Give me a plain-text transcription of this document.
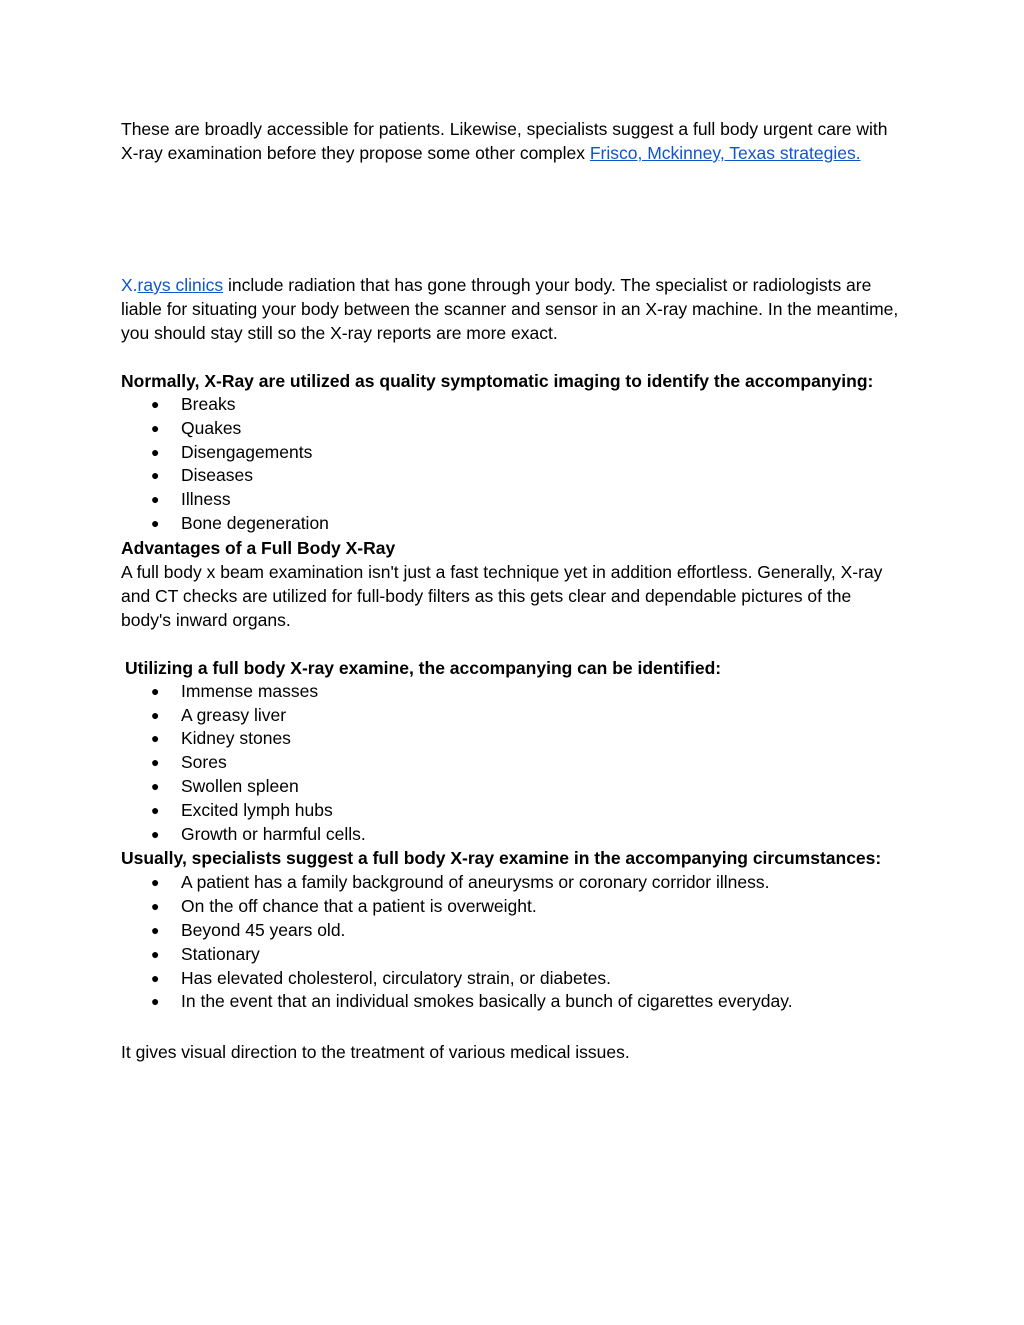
These are broadly accessible for patients. Likewise, specialists suggest a full body urgent care with X-ray examination before they propose some other complex Frisco, Mckinney, Texas strategies.

X.rays clinics include radiation that has gone through your body. The specialist or radiologists are liable for situating your body between the scanner and sensor in an X-ray machine. In the meantime, you should stay still so the X-ray reports are more exact.

Normally, X-Ray are utilized as quality symptomatic imaging to identify the accompanying:

● Breaks
● Quakes
● Disengagements
● Diseases
● Illness
● Bone degeneration

Advantages of a Full Body X-Ray

A full body x beam examination isn't just a fast technique yet in addition effortless. Generally, X-ray and CT checks are utilized for full-body filters as this gets clear and dependable pictures of the body's inward organs.

Utilizing a full body X-ray examine, the accompanying can be identified:

● Immense masses
● A greasy liver
● Kidney stones
● Sores
● Swollen spleen
● Excited lymph hubs
● Growth or harmful cells.

Usually, specialists suggest a full body X-ray examine in the accompanying circumstances:

● A patient has a family background of aneurysms or coronary corridor illness.
● On the off chance that a patient is overweight.
● Beyond 45 years old.
● Stationary
● Has elevated cholesterol, circulatory strain, or diabetes.
● In the event that an individual smokes basically a bunch of cigarettes everyday.

It gives visual direction to the treatment of various medical issues.
